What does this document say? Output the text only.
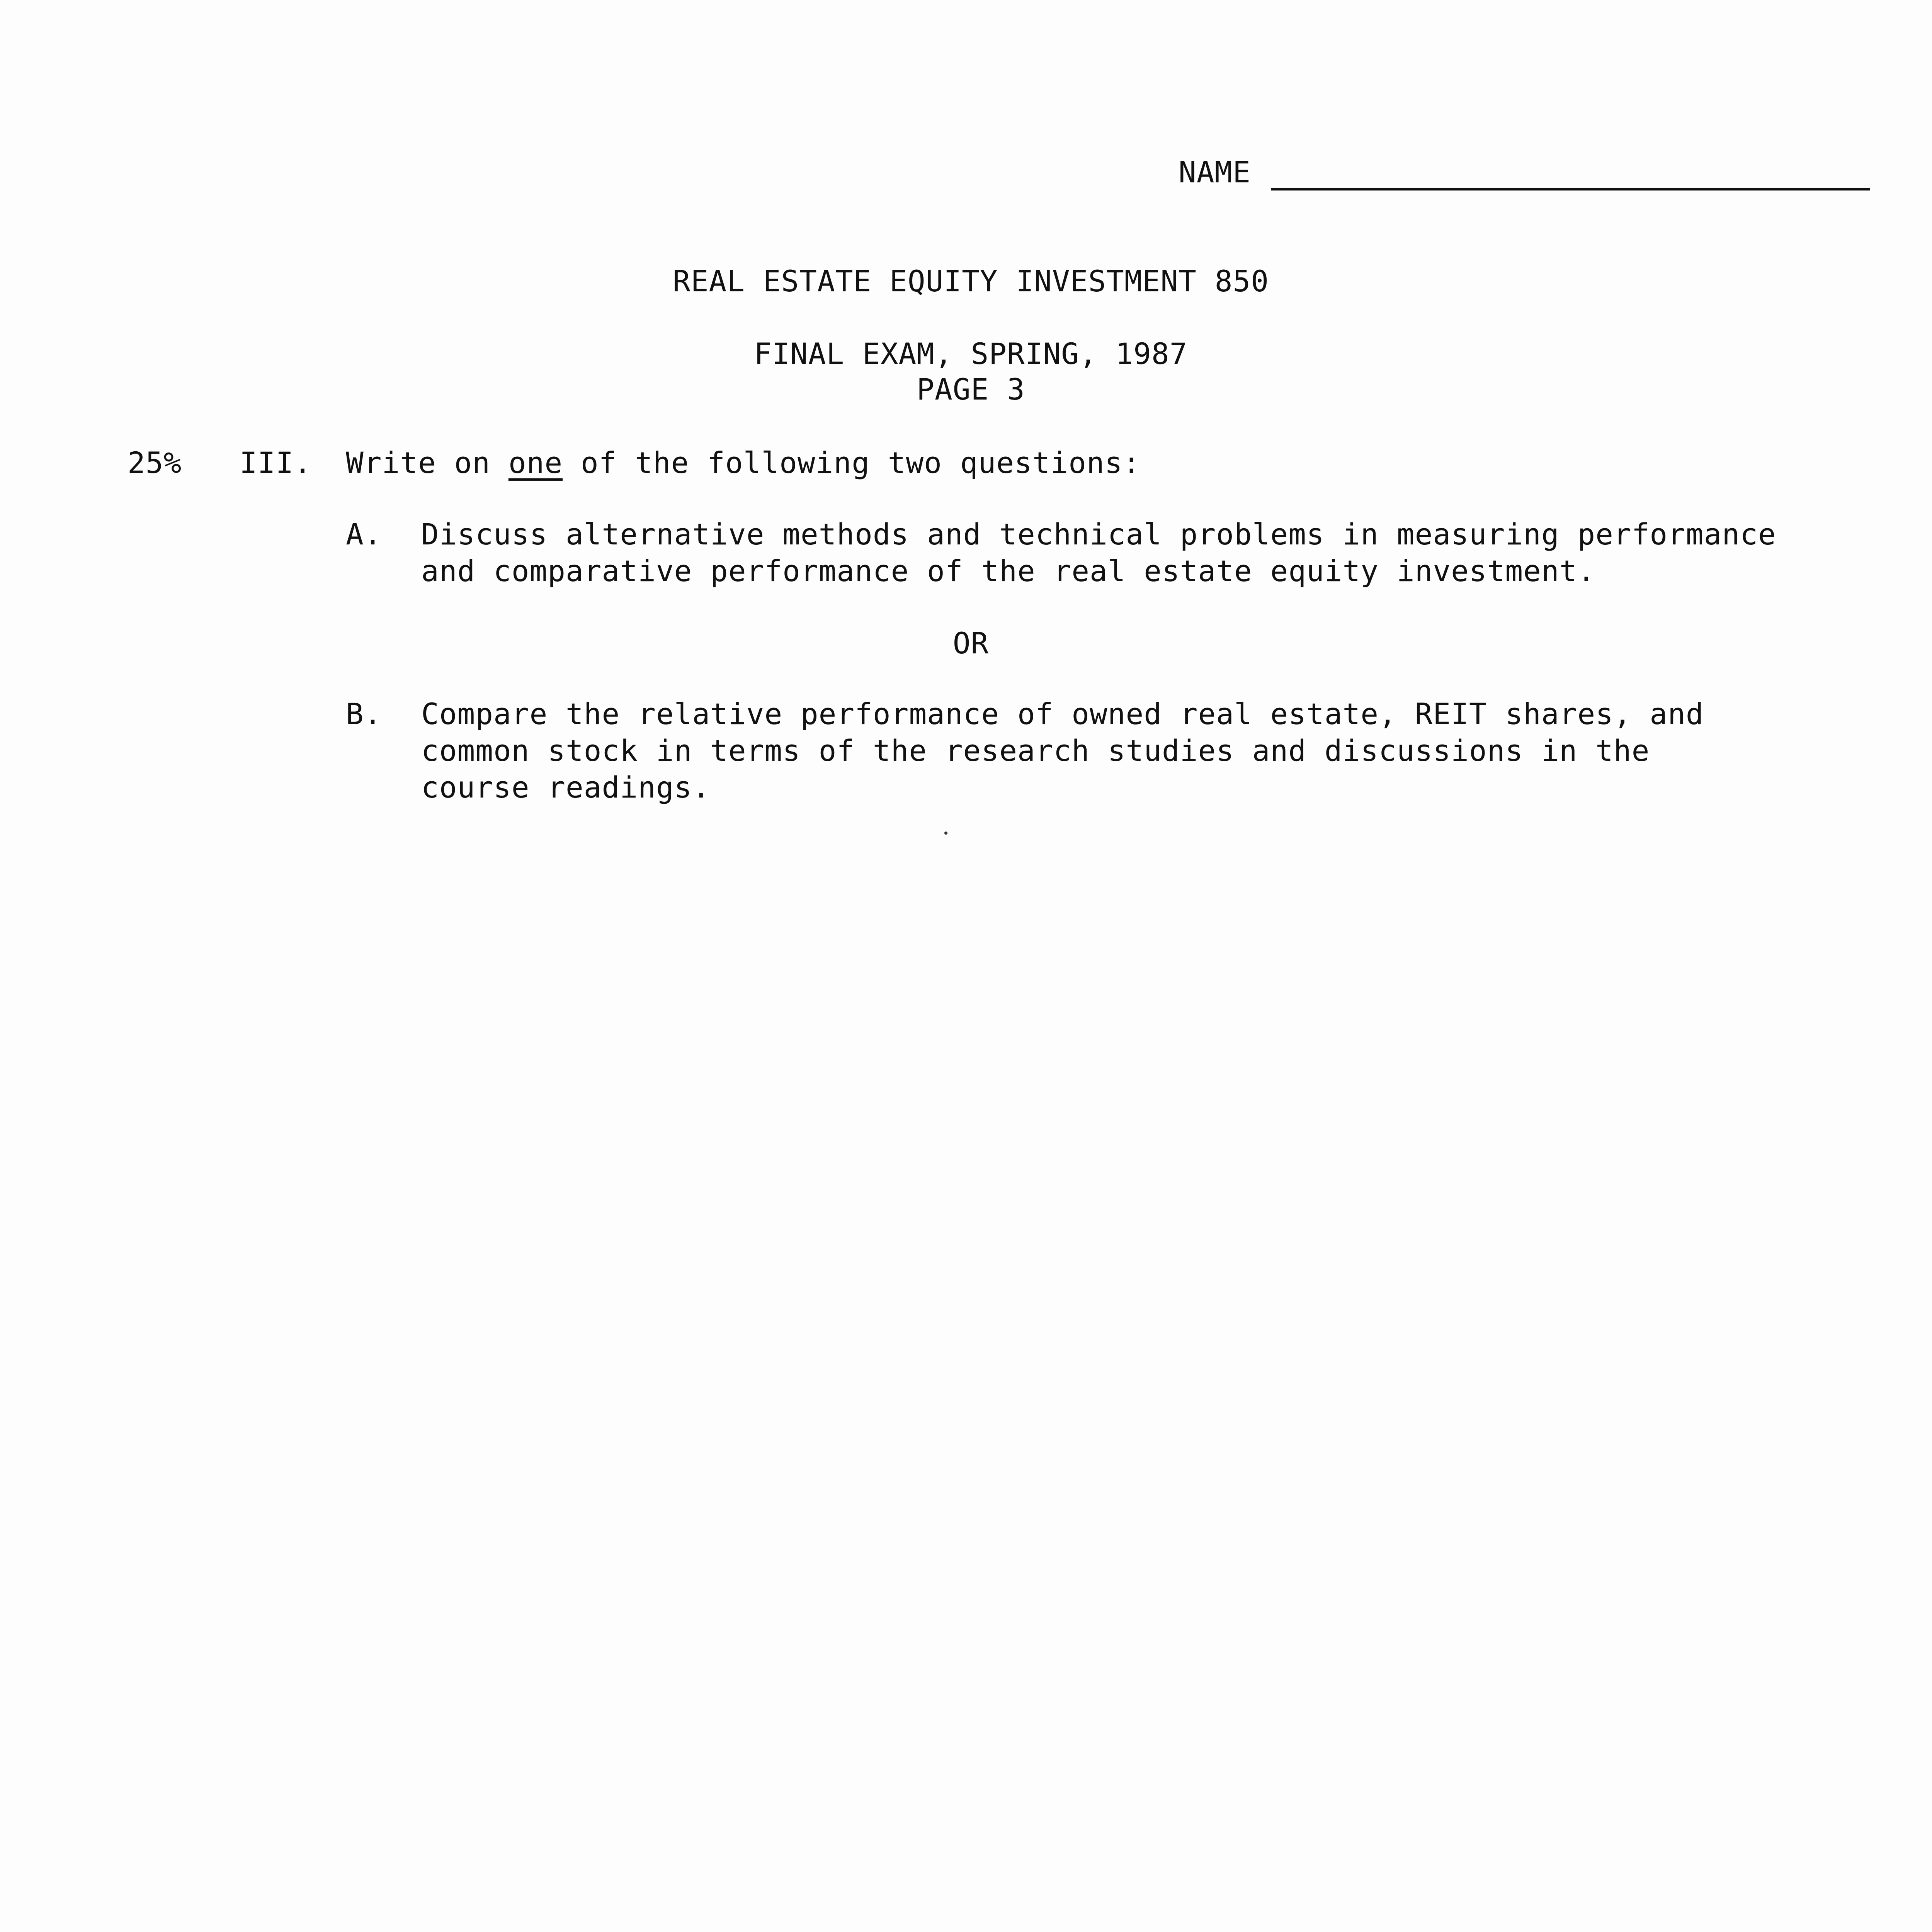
NAME
REAL ESTATE EQUITY INVESTMENT 850
FINAL EXAM, SPRING, 1987
PAGE 3
25% III. Write on one of the following two questions:
A. Discuss alternative methods and technical problems in measuring performance
and comparative performance of the real estate equity investment.
OR
B. Compare the relative performance of owned real estate, REIT shares, and
common stock in terms of the research studies and discussions in the
course readings.
